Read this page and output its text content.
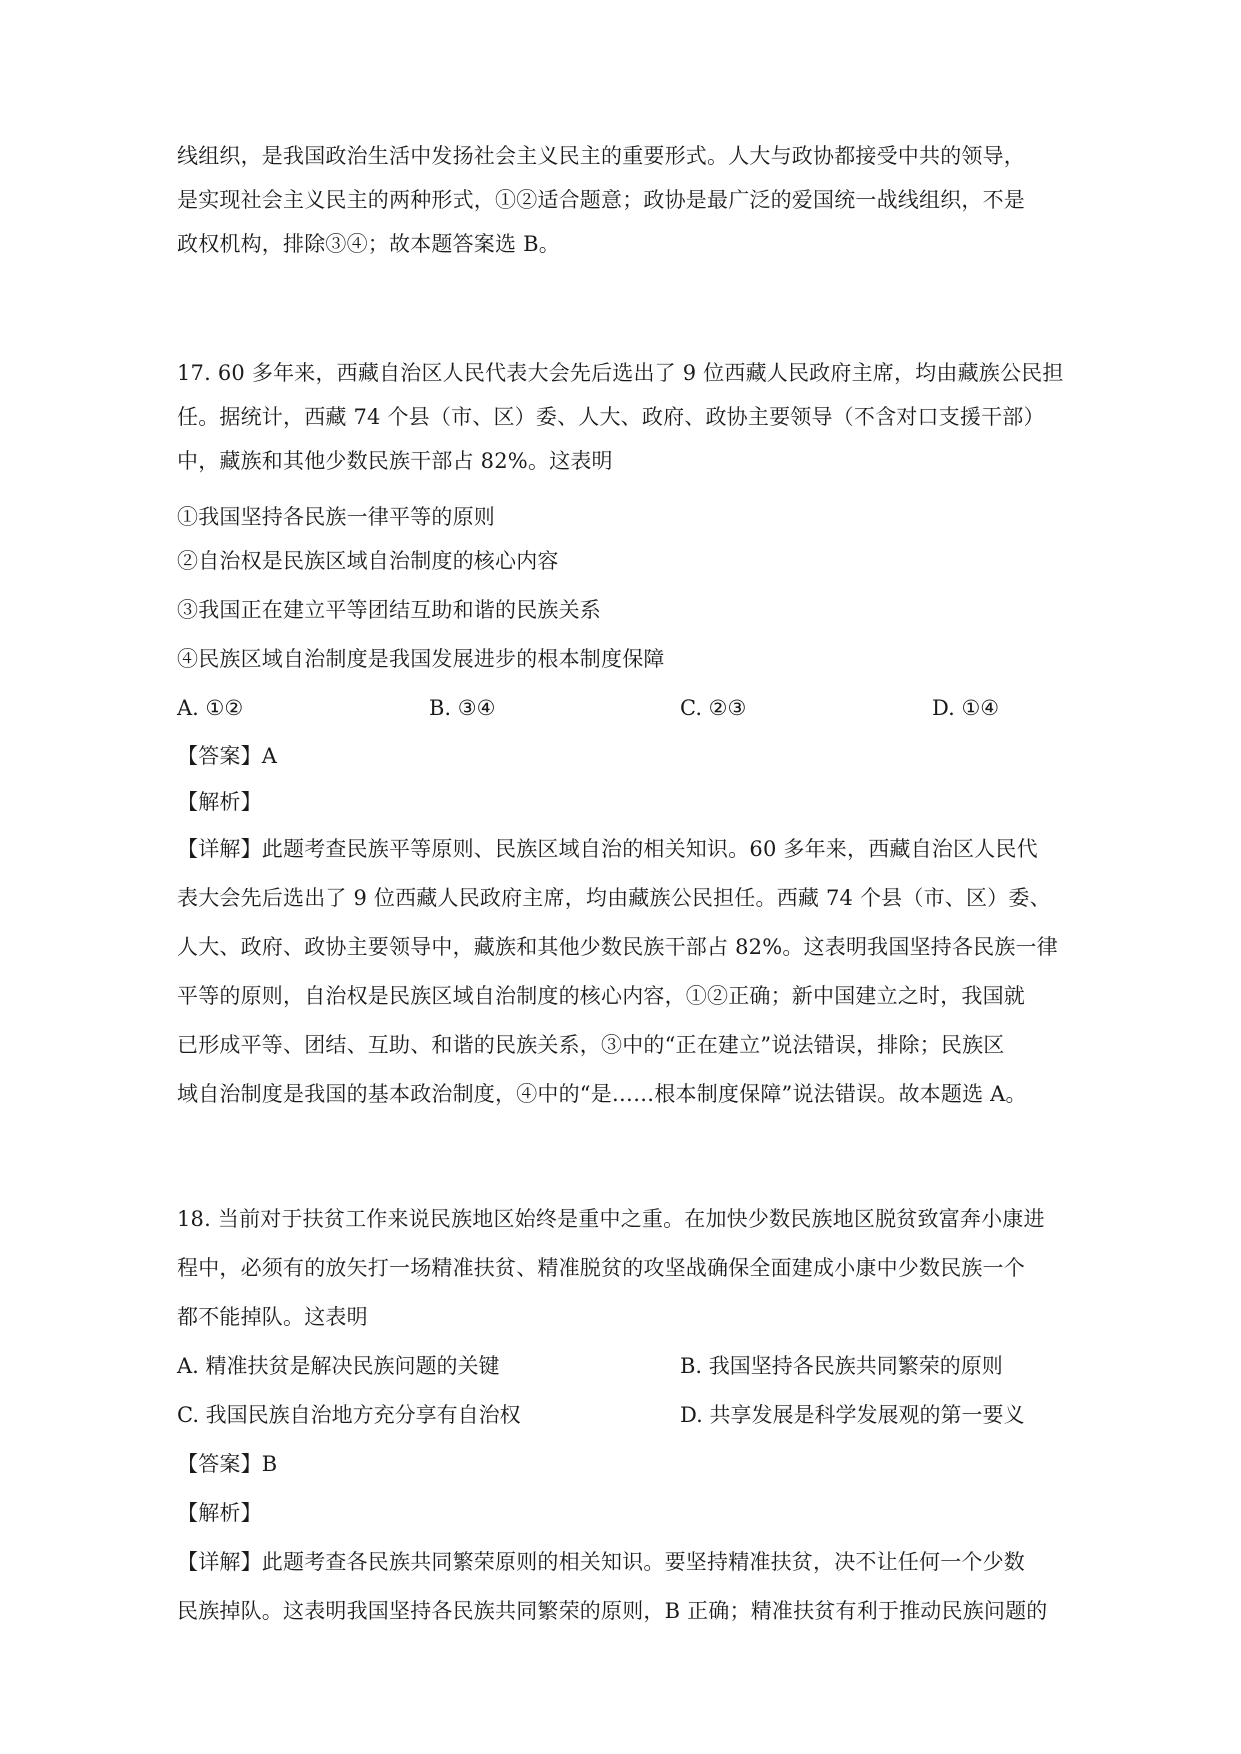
线组织，是我国政治生活中发扬社会主义民主的重要形式。人大与政协都接受中共的领导，
是实现社会主义民主的两种形式，①②适合题意；政协是最广泛的爱国统一战线组织，不是
政权机构，排除③④；故本题答案选 B。
17. 60 多年来，西藏自治区人民代表大会先后选出了 9 位西藏人民政府主席，均由藏族公民担
任。据统计，西藏 74 个县（市、区）委、人大、政府、政协主要领导（不含对口支援干部）
中，藏族和其他少数民族干部占 82%。这表明
①我国坚持各民族一律平等的原则
②自治权是民族区域自治制度的核心内容
③我国正在建立平等团结互助和谐的民族关系
④民族区域自治制度是我国发展进步的根本制度保障
A. ①②	B. ③④	C. ②③	D. ①④
【答案】A
【解析】
【详解】此题考查民族平等原则、民族区域自治的相关知识。60 多年来，西藏自治区人民代
表大会先后选出了 9 位西藏人民政府主席，均由藏族公民担任。西藏 74 个县（市、区）委、
人大、政府、政协主要领导中，藏族和其他少数民族干部占 82%。这表明我国坚持各民族一律
平等的原则，自治权是民族区域自治制度的核心内容，①②正确；新中国建立之时，我国就
已形成平等、团结、互助、和谐的民族关系，③中的“正在建立”说法错误，排除；民族区
域自治制度是我国的基本政治制度，④中的“是……根本制度保障”说法错误。故本题选 A。
18. 当前对于扶贫工作来说民族地区始终是重中之重。在加快少数民族地区脱贫致富奔小康进
程中，必须有的放矢打一场精准扶贫、精准脱贫的攻坚战确保全面建成小康中少数民族一个
都不能掉队。这表明
A. 精准扶贫是解决民族问题的关键	B. 我国坚持各民族共同繁荣的原则
C. 我国民族自治地方充分享有自治权	D. 共享发展是科学发展观的第一要义
【答案】B
【解析】
【详解】此题考查各民族共同繁荣原则的相关知识。要坚持精准扶贫，决不让任何一个少数
民族掉队。这表明我国坚持各民族共同繁荣的原则，B 正确；精准扶贫有利于推动民族问题的
